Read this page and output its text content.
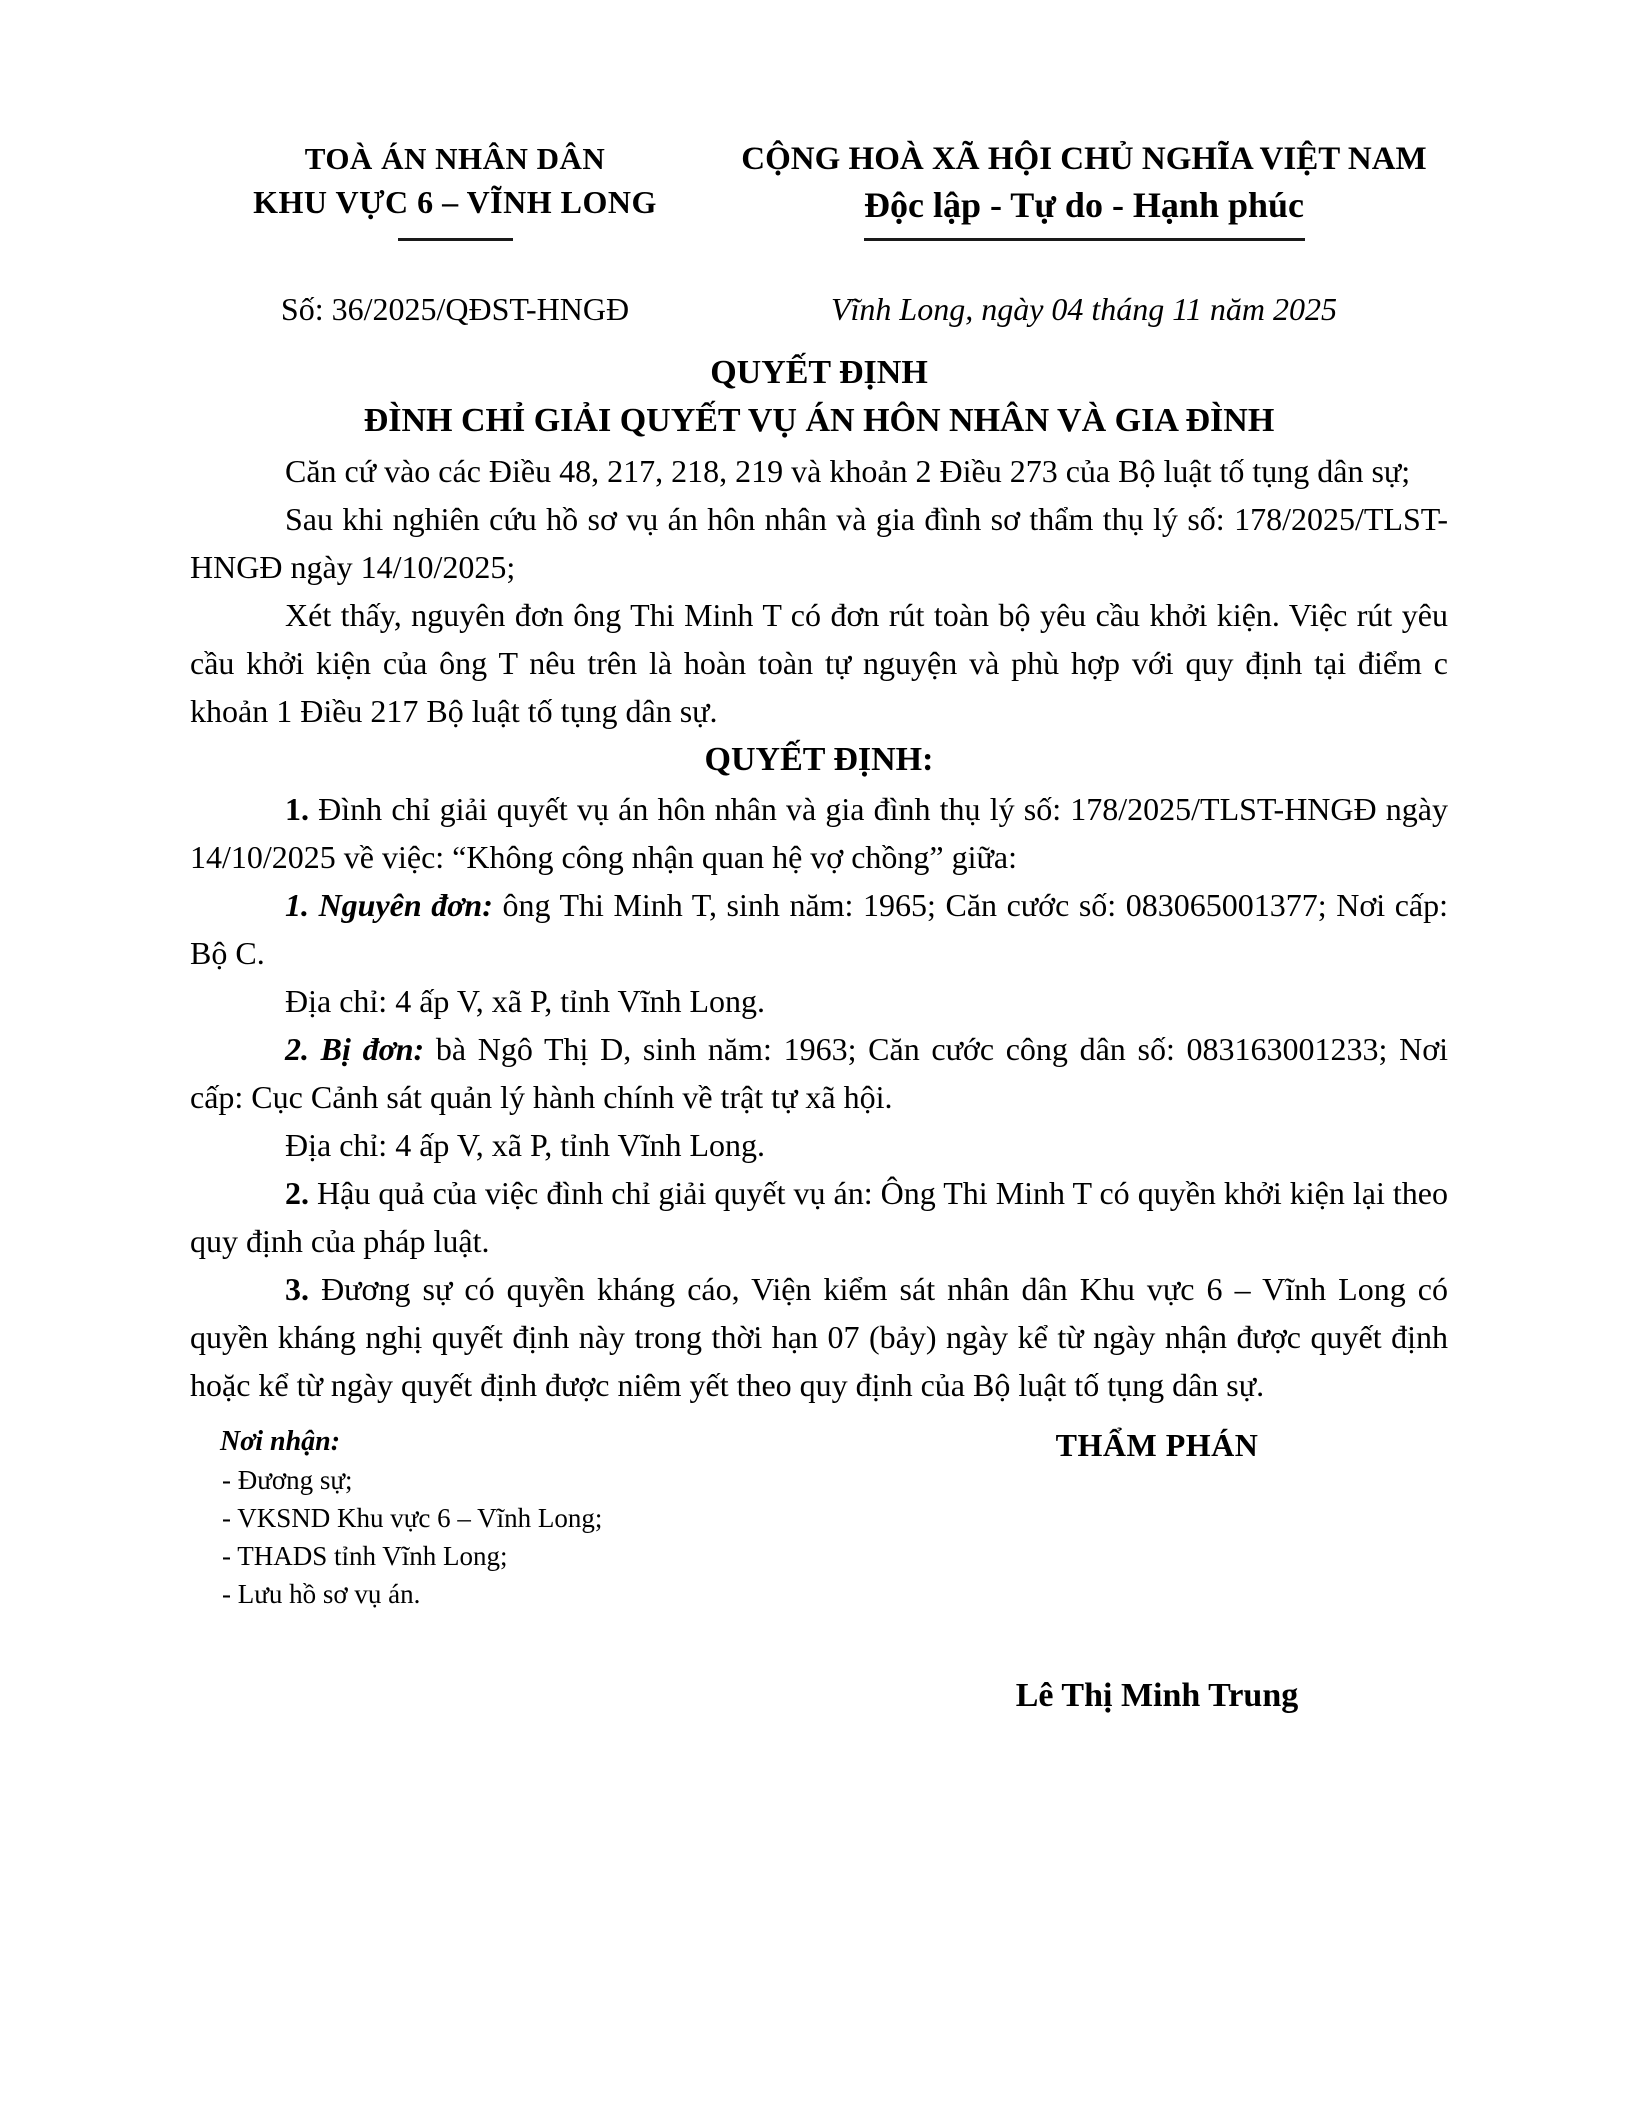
TOÀ ÁN NHÂN DÂN
KHU VỰC 6 – VĨNH LONG
CỘNG HOÀ XÃ HỘI CHỦ NGHĨA VIỆT NAM
Độc lập - Tự do - Hạnh phúc
Số: 36/2025/QĐST-HNGĐ	Vĩnh Long, ngày 04 tháng 11 năm 2025
QUYẾT ĐỊNH
ĐÌNH CHỈ GIẢI QUYẾT VỤ ÁN HÔN NHÂN VÀ GIA ĐÌNH

Căn cứ vào các Điều 48, 217, 218, 219 và khoản 2 Điều 273 của Bộ luật tố tụng dân sự;

Sau khi nghiên cứu hồ sơ vụ án hôn nhân và gia đình sơ thẩm thụ lý số: 178/2025/TLST-HNGĐ ngày 14/10/2025;

Xét thấy, nguyên đơn ông Thi Minh T có đơn rút toàn bộ yêu cầu khởi kiện. Việc rút yêu cầu khởi kiện của ông T nêu trên là hoàn toàn tự nguyện và phù hợp với quy định tại điểm c khoản 1 Điều 217 Bộ luật tố tụng dân sự.

QUYẾT ĐỊNH:

1. Đình chỉ giải quyết vụ án hôn nhân và gia đình thụ lý số: 178/2025/TLST-HNGĐ ngày 14/10/2025 về việc: “Không công nhận quan hệ vợ chồng” giữa:

1. Nguyên đơn: ông Thi Minh T, sinh năm: 1965; Căn cước số: 083065001377; Nơi cấp: Bộ C.

Địa chỉ: 4 ấp V, xã P, tỉnh Vĩnh Long.

2. Bị đơn: bà Ngô Thị D, sinh năm: 1963; Căn cước công dân số: 083163001233; Nơi cấp: Cục Cảnh sát quản lý hành chính về trật tự xã hội.

Địa chỉ: 4 ấp V, xã P, tỉnh Vĩnh Long.

2. Hậu quả của việc đình chỉ giải quyết vụ án: Ông Thi Minh T có quyền khởi kiện lại theo quy định của pháp luật.

3. Đương sự có quyền kháng cáo, Viện kiểm sát nhân dân Khu vực 6 – Vĩnh Long có quyền kháng nghị quyết định này trong thời hạn 07 (bảy) ngày kể từ ngày nhận được quyết định hoặc kể từ ngày quyết định được niêm yết theo quy định của Bộ luật tố tụng dân sự.

Nơi nhận:
- Đương sự;
- VKSND Khu vực 6 – Vĩnh Long;
- THADS tỉnh Vĩnh Long;
- Lưu hồ sơ vụ án.
THẨM PHÁN
Lê Thị Minh Trung
